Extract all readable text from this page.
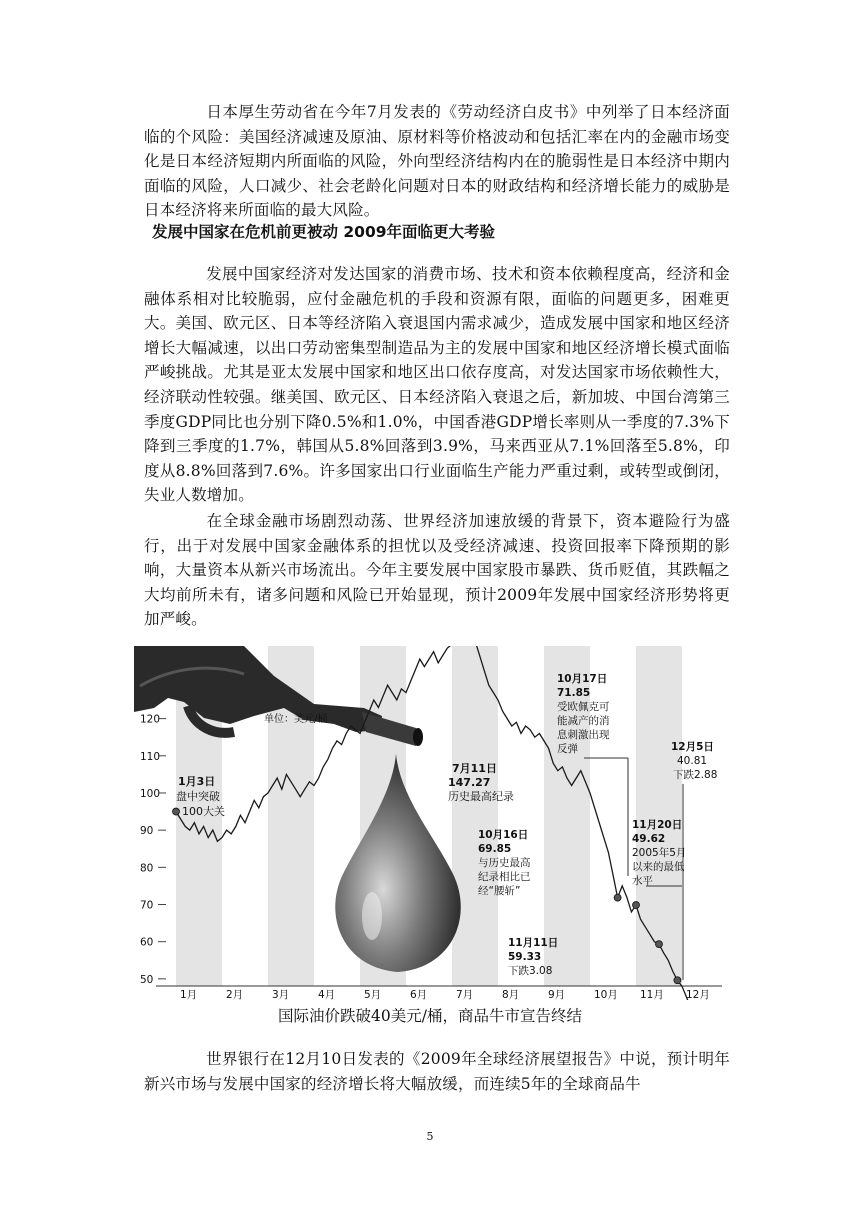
日本厚生劳动省在今年7月发表的《劳动经济白皮书》中列举了日本经济面临的个风险：美国经济减速及原油、原材料等价格波动和包括汇率在内的金融市场变化是日本经济短期内所面临的风险，外向型经济结构内在的脆弱性是日本经济中期内面临的风险，人口减少、社会老龄化问题对日本的财政结构和经济增长能力的威胁是日本经济将来所面临的最大风险。

发展中国家在危机前更被动 2009年面临更大考验

发展中国家经济对发达国家的消费市场、技术和资本依赖程度高，经济和金融体系相对比较脆弱，应付金融危机的手段和资源有限，面临的问题更多，困难更大。美国、欧元区、日本等经济陷入衰退国内需求减少，造成发展中国家和地区经济增长大幅减速，以出口劳动密集型制造品为主的发展中国家和地区经济增长模式面临严峻挑战。尤其是亚太发展中国家和地区出口依存度高，对发达国家市场依赖性大，经济联动性较强。继美国、欧元区、日本经济陷入衰退之后，新加坡、中国台湾第三季度GDP同比也分别下降0.5%和1.0%，中国香港GDP增长率则从一季度的7.3%下降到三季度的1.7%，韩国从5.8%回落到3.9%，马来西亚从7.1%回落至5.8%，印度从8.8%回落到7.6%。许多国家出口行业面临生产能力严重过剩，或转型或倒闭，失业人数增加。

在全球金融市场剧烈动荡、世界经济加速放缓的背景下，资本避险行为盛行，出于对发展中国家金融体系的担忧以及受经济减速、投资回报率下降预期的影响，大量资本从新兴市场流出。今年主要发展中国家股市暴跌、货币贬值，其跌幅之大均前所未有，诸多问题和风险已开始显现，预计2009年发展中国家经济形势将更加严峻。

50
60
70
80
90
100
110
120
1月	2月	3月	4月	5月	6月	7月	8月	9月	10月 11月 12月
单位：美元/桶
1月3日
盘中突破
100大关
7月11日
147.27
历史最高纪录
10月17日
71.85
受欧佩克可
能减产的消
息刺激出现
反弹
10月16日
69.85
与历史最高
纪录相比已
经“腰斩”
11月20日
49.62
2005年5月
以来的最低
水平
11月11日
59.33
下跌3.08
12月5日
40.81
下跌2.88

国际油价跌破40美元/桶，商品牛市宣告终结

世界银行在12月10日发表的《2009年全球经济展望报告》中说，预计明年新兴市场与发展中国家的经济增长将大幅放缓，而连续5年的全球商品牛

5
